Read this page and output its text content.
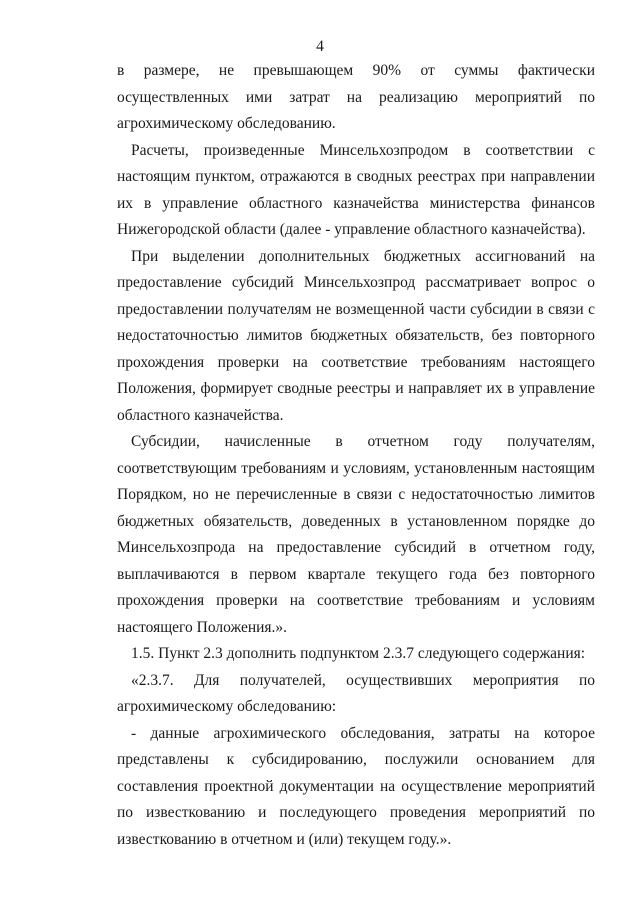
4

в размере, не превышающем 90% от суммы фактически осуществленных ими затрат на реализацию мероприятий по агрохимическому обследованию.

Расчеты, произведенные Минсельхозпродом в соответствии с настоящим пунктом, отражаются в сводных реестрах при направлении их в управление областного казначейства министерства финансов Нижегородской области (далее - управление областного казначейства).

При выделении дополнительных бюджетных ассигнований на предоставление субсидий Минсельхозпрод рассматривает вопрос о предоставлении получателям не возмещенной части субсидии в связи с недостаточностью лимитов бюджетных обязательств, без повторного прохождения проверки на соответствие требованиям настоящего Положения, формирует сводные реестры и направляет их в управление областного казначейства.

Субсидии, начисленные в отчетном году получателям, соответствующим требованиям и условиям, установленным настоящим Порядком, но не перечисленные в связи с недостаточностью лимитов бюджетных обязательств, доведенных в установленном порядке до Минсельхозпрода на предоставление субсидий в отчетном году, выплачиваются в первом квартале текущего года без повторного прохождения проверки на соответствие требованиям и условиям настоящего Положения.».

1.5. Пункт 2.3 дополнить подпунктом 2.3.7 следующего содержания:

«2.3.7. Для получателей, осуществивших мероприятия по агрохимическому обследованию:

- данные агрохимического обследования, затраты на которое представлены к субсидированию, послужили основанием для составления проектной документации на осуществление мероприятий по известкованию и последующего проведения мероприятий по известкованию в отчетном и (или) текущем году.».
